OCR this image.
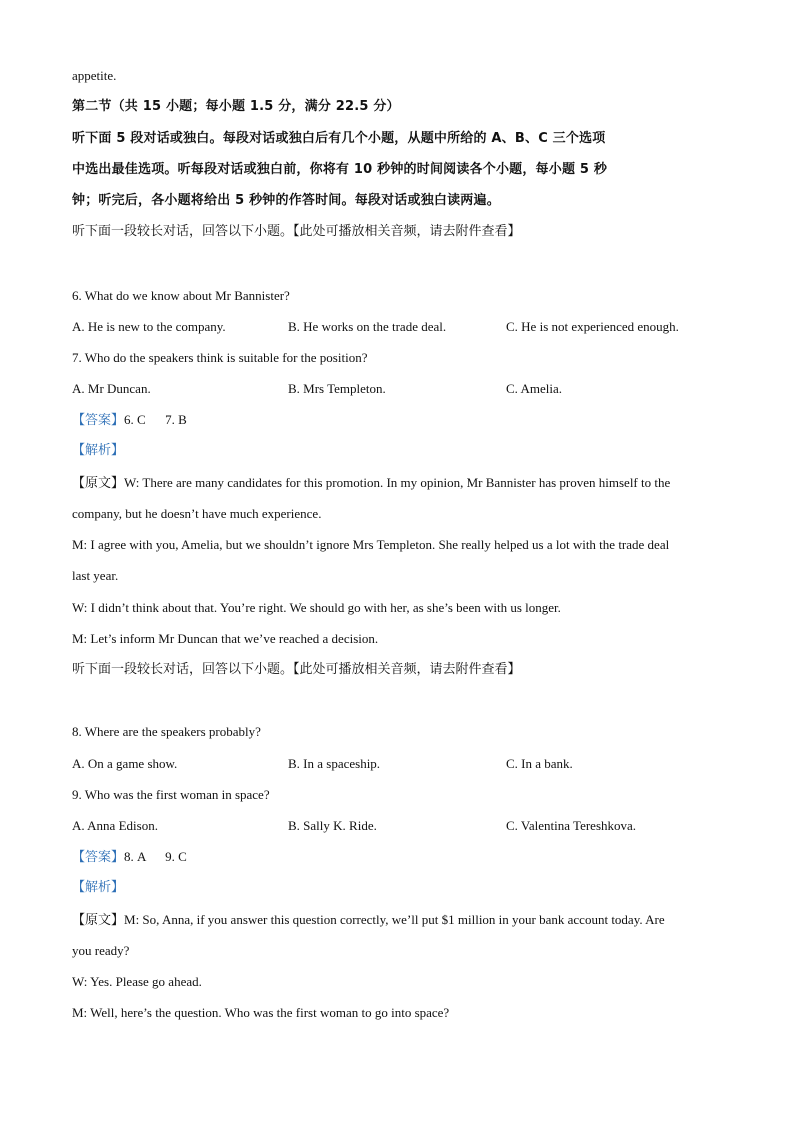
appetite.
第二节（共 15 小题；每小题 1.5 分，满分 22.5 分）
听下面 5 段对话或独白。每段对话或独白后有几个小题，从题中所给的 A、B、C 三个选项
中选出最佳选项。听每段对话或独白前，你将有 10 秒钟的时间阅读各个小题，每小题 5 秒
钟；听完后，各小题将给出 5 秒钟的作答时间。每段对话或独白读两遍。
听下面一段较长对话，回答以下小题。【此处可播放相关音频，请去附件查看】
6. What do we know about Mr Bannister?
A. He is new to the company.	B. He works on the trade deal.	C. He is not experienced enough.
7. Who do the speakers think is suitable for the position?
A. Mr Duncan.	B. Mrs Templeton.	C. Amelia.
【答案】6. C      7. B
【解析】
【原文】W: There are many candidates for this promotion. In my opinion, Mr Bannister has proven himself to the
company, but he doesn’t have much experience.
M: I agree with you, Amelia, but we shouldn’t ignore Mrs Templeton. She really helped us a lot with the trade deal
last year.
W: I didn’t think about that. You’re right. We should go with her, as she’s been with us longer.
M: Let’s inform Mr Duncan that we’ve reached a decision.
听下面一段较长对话，回答以下小题。【此处可播放相关音频，请去附件查看】
8. Where are the speakers probably?
A. On a game show.	B. In a spaceship.	C. In a bank.
9. Who was the first woman in space?
A. Anna Edison.	B. Sally K. Ride.	C. Valentina Tereshkova.
【答案】8. A      9. C
【解析】
【原文】M: So, Anna, if you answer this question correctly, we’ll put $1 million in your bank account today. Are
you ready?
W: Yes. Please go ahead.
M: Well, here’s the question. Who was the first woman to go into space?
